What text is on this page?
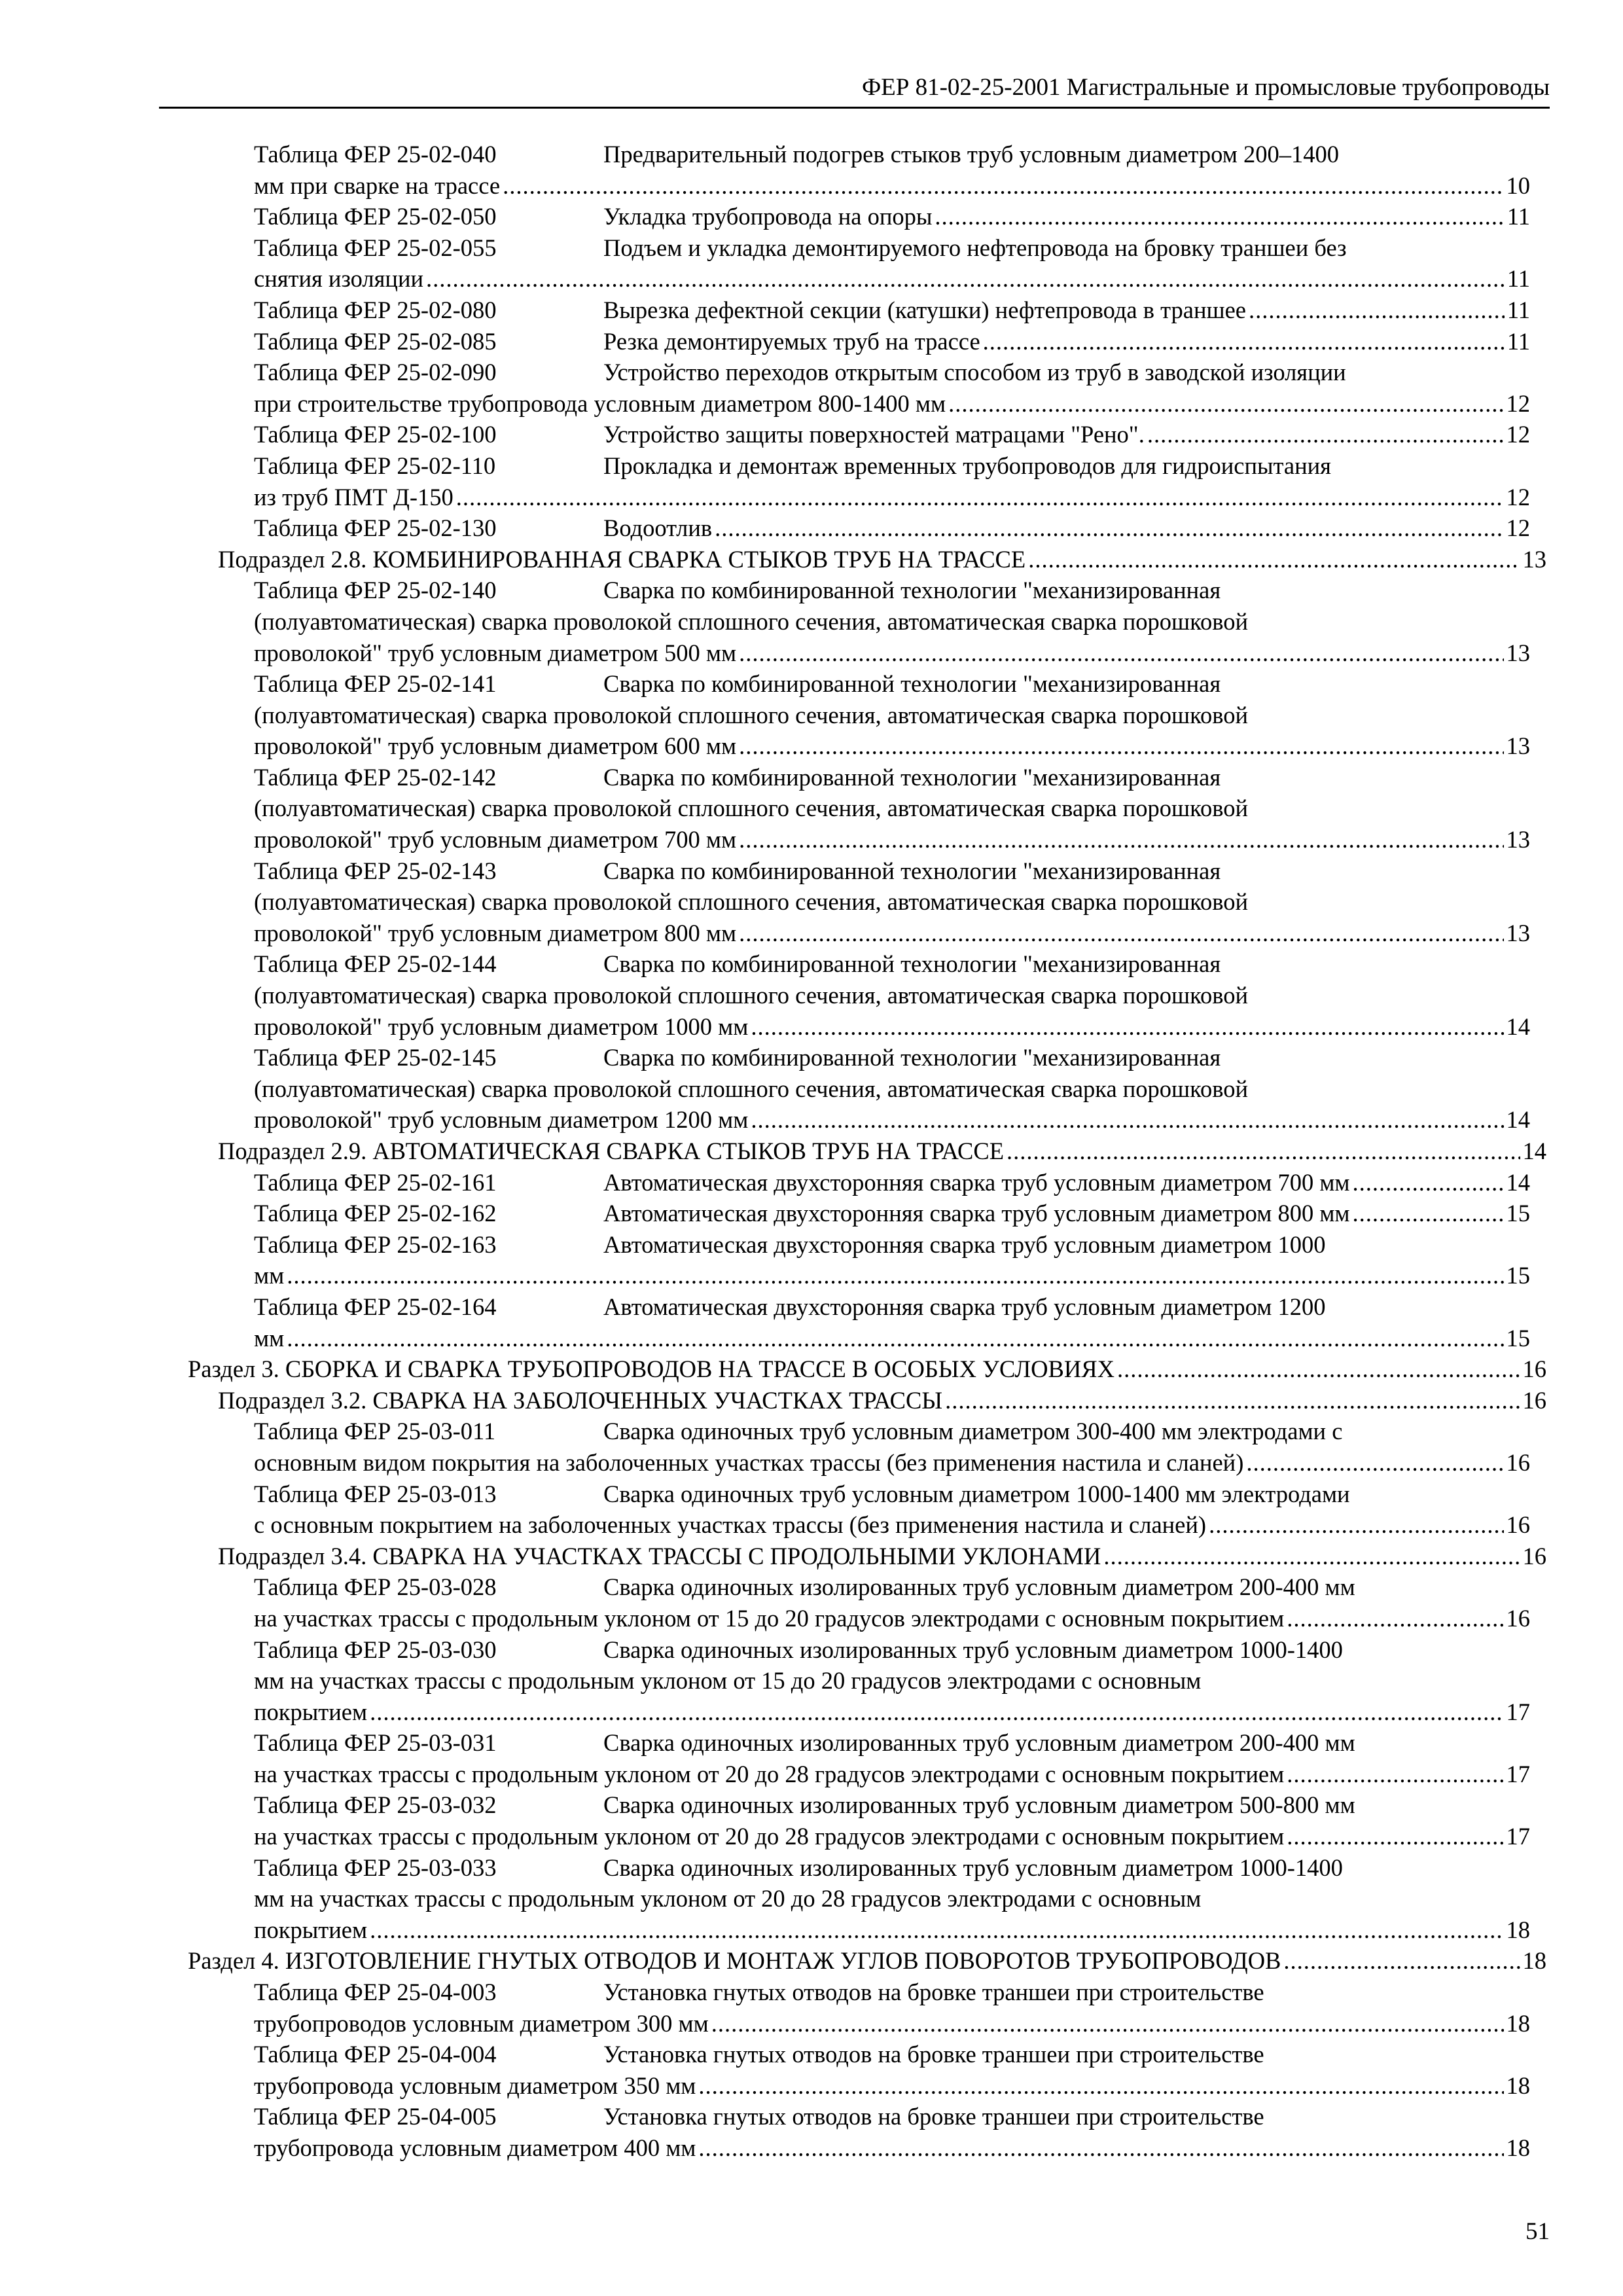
ФЕР 81-02-25-2001 Магистральные и промысловые трубопроводы
Таблица ФЕР 25-02-040	Предварительный подогрев стыков труб условным диаметром 200–1400
мм при сварке на трассе .....	10
Таблица ФЕР 25-02-050	Укладка трубопровода на опоры .....	11
Таблица ФЕР 25-02-055	Подъем и укладка демонтируемого нефтепровода на бровку траншеи без
снятия изоляции .....	11
Таблица ФЕР 25-02-080	Вырезка дефектной секции (катушки) нефтепровода в траншее .....	11
Таблица ФЕР 25-02-085	Резка демонтируемых труб на трассе .....	11
Таблица ФЕР 25-02-090	Устройство переходов открытым способом из труб в заводской изоляции
при строительстве трубопровода условным диаметром 800-1400 мм .....	12
Таблица ФЕР 25-02-100	Устройство защиты поверхностей матрацами "Рено". .....	12
Таблица ФЕР 25-02-110	Прокладка и демонтаж временных трубопроводов для гидроиспытания
из труб ПМТ Д-150 .....	12
Таблица ФЕР 25-02-130	Водоотлив .....	12
Подраздел 2.8. КОМБИНИРОВАННАЯ СВАРКА СТЫКОВ ТРУБ НА ТРАССЕ .....	13
Таблица ФЕР 25-02-140	Сварка по комбинированной технологии "механизированная
(полуавтоматическая) сварка проволокой сплошного сечения, автоматическая сварка порошковой
проволокой" труб условным диаметром 500 мм .....	13
Таблица ФЕР 25-02-141	Сварка по комбинированной технологии "механизированная
(полуавтоматическая) сварка проволокой сплошного сечения, автоматическая сварка порошковой
проволокой" труб условным диаметром 600 мм .....	13
Таблица ФЕР 25-02-142	Сварка по комбинированной технологии "механизированная
(полуавтоматическая) сварка проволокой сплошного сечения, автоматическая сварка порошковой
проволокой" труб условным диаметром 700 мм .....	13
Таблица ФЕР 25-02-143	Сварка по комбинированной технологии "механизированная
(полуавтоматическая) сварка проволокой сплошного сечения, автоматическая сварка порошковой
проволокой" труб условным диаметром 800 мм .....	13
Таблица ФЕР 25-02-144	Сварка по комбинированной технологии "механизированная
(полуавтоматическая) сварка проволокой сплошного сечения, автоматическая сварка порошковой
проволокой" труб условным диаметром 1000 мм .....	14
Таблица ФЕР 25-02-145	Сварка по комбинированной технологии "механизированная
(полуавтоматическая) сварка проволокой сплошного сечения, автоматическая сварка порошковой
проволокой" труб условным диаметром 1200 мм .....	14
Подраздел 2.9. АВТОМАТИЧЕСКАЯ СВАРКА СТЫКОВ ТРУБ НА ТРАССЕ .....	14
Таблица ФЕР 25-02-161	Автоматическая двухсторонняя сварка труб условным диаметром 700 мм .....	14
Таблица ФЕР 25-02-162	Автоматическая двухсторонняя сварка труб условным диаметром 800 мм .....	15
Таблица ФЕР 25-02-163	Автоматическая двухсторонняя сварка труб условным диаметром 1000
мм .....	15
Таблица ФЕР 25-02-164	Автоматическая двухсторонняя сварка труб условным диаметром 1200
мм .....	15
Раздел 3. СБОРКА И СВАРКА ТРУБОПРОВОДОВ НА ТРАССЕ В ОСОБЫХ УСЛОВИЯХ .....	16
Подраздел 3.2. СВАРКА НА ЗАБОЛОЧЕННЫХ УЧАСТКАХ ТРАССЫ .....	16
Таблица ФЕР 25-03-011	Сварка одиночных труб условным диаметром 300-400 мм электродами с
основным видом покрытия на заболоченных участках трассы (без применения настила и сланей) .....	16
Таблица ФЕР 25-03-013	Сварка одиночных труб условным диаметром 1000-1400 мм электродами
с основным покрытием на заболоченных участках трассы (без применения настила и сланей) .....	16
Подраздел 3.4. СВАРКА НА УЧАСТКАХ ТРАССЫ С ПРОДОЛЬНЫМИ УКЛОНАМИ .....	16
Таблица ФЕР 25-03-028	Сварка одиночных изолированных труб условным диаметром 200-400 мм
на участках трассы с продольным уклоном от 15 до 20 градусов электродами с основным покрытием .....	16
Таблица ФЕР 25-03-030	Сварка одиночных изолированных труб условным диаметром 1000-1400
мм на участках трассы с продольным уклоном от 15 до 20 градусов электродами с основным
покрытием .....	17
Таблица ФЕР 25-03-031	Сварка одиночных изолированных труб условным диаметром 200-400 мм
на участках трассы с продольным уклоном от 20 до 28 градусов электродами с основным покрытием .....	17
Таблица ФЕР 25-03-032	Сварка одиночных изолированных труб условным диаметром 500-800 мм
на участках трассы с продольным уклоном от 20 до 28 градусов электродами с основным покрытием .....	17
Таблица ФЕР 25-03-033	Сварка одиночных изолированных труб условным диаметром 1000-1400
мм на участках трассы с продольным уклоном от 20 до 28 градусов электродами с основным
покрытием .....	18
Раздел 4. ИЗГОТОВЛЕНИЕ ГНУТЫХ ОТВОДОВ И МОНТАЖ УГЛОВ ПОВОРОТОВ ТРУБОПРОВОДОВ .....	18
Таблица ФЕР 25-04-003	Установка гнутых отводов на бровке траншеи при строительстве
трубопроводов условным диаметром 300 мм .....	18
Таблица ФЕР 25-04-004	Установка гнутых отводов на бровке траншеи при строительстве
трубопровода условным диаметром 350 мм .....	18
Таблица ФЕР 25-04-005	Установка гнутых отводов на бровке траншеи при строительстве
трубопровода условным диаметром 400 мм .....	18
51
